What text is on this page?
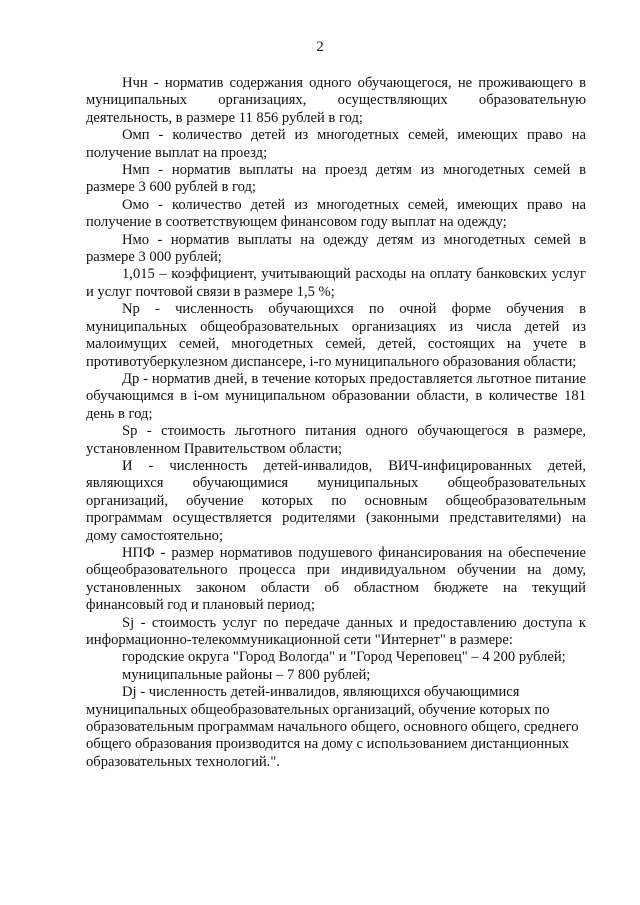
2

Нчн - норматив содержания одного обучающегося, не проживающего в муниципальных организациях, осуществляющих образовательную деятельность, в размере 11 856 рублей в год;

Омп - количество детей из многодетных семей, имеющих право на получение выплат на проезд;

Нмп - норматив выплаты на проезд детям из многодетных семей в размере 3 600 рублей в год;

Омо - количество детей из многодетных семей, имеющих право на получение в соответствующем финансовом году выплат на одежду;

Нмо - норматив выплаты на одежду детям из многодетных семей в размере 3 000 рублей;

1,015 – коэффициент, учитывающий расходы на оплату банковских услуг и услуг почтовой связи в размере 1,5 %;

Np - численность обучающихся по очной форме обучения в муниципальных общеобразовательных организациях из числа детей из малоимущих семей, многодетных семей, детей, состоящих на учете в противотуберкулезном диспансере, i-го муниципального образования области;

Др - норматив дней, в течение которых предоставляется льготное питание обучающимся в i-ом муниципальном образовании области, в количестве 181 день в год;

Sp - стоимость льготного питания одного обучающегося в размере, установленном Правительством области;

И - численность детей-инвалидов, ВИЧ-инфицированных детей, являющихся обучающимися муниципальных общеобразовательных организаций, обучение которых по основным общеобразовательным программам осуществляется родителями (законными представителями) на дому самостоятельно;

НПФ - размер нормативов подушевого финансирования на обеспечение общеобразовательного процесса при индивидуальном обучении на дому, установленных законом области об областном бюджете на текущий финансовый год и плановый период;

Sj - стоимость услуг по передаче данных и предоставлению доступа к информационно-телекоммуникационной сети "Интернет" в размере:

городские округа "Город Вологда" и "Город Череповец" – 4 200 рублей;

муниципальные районы – 7 800 рублей;

Dj - численность детей-инвалидов, являющихся обучающимися муниципальных общеобразовательных организаций, обучение которых по образовательным программам начального общего, основного общего, среднего общего образования производится на дому с использованием дистанционных образовательных технологий.".
